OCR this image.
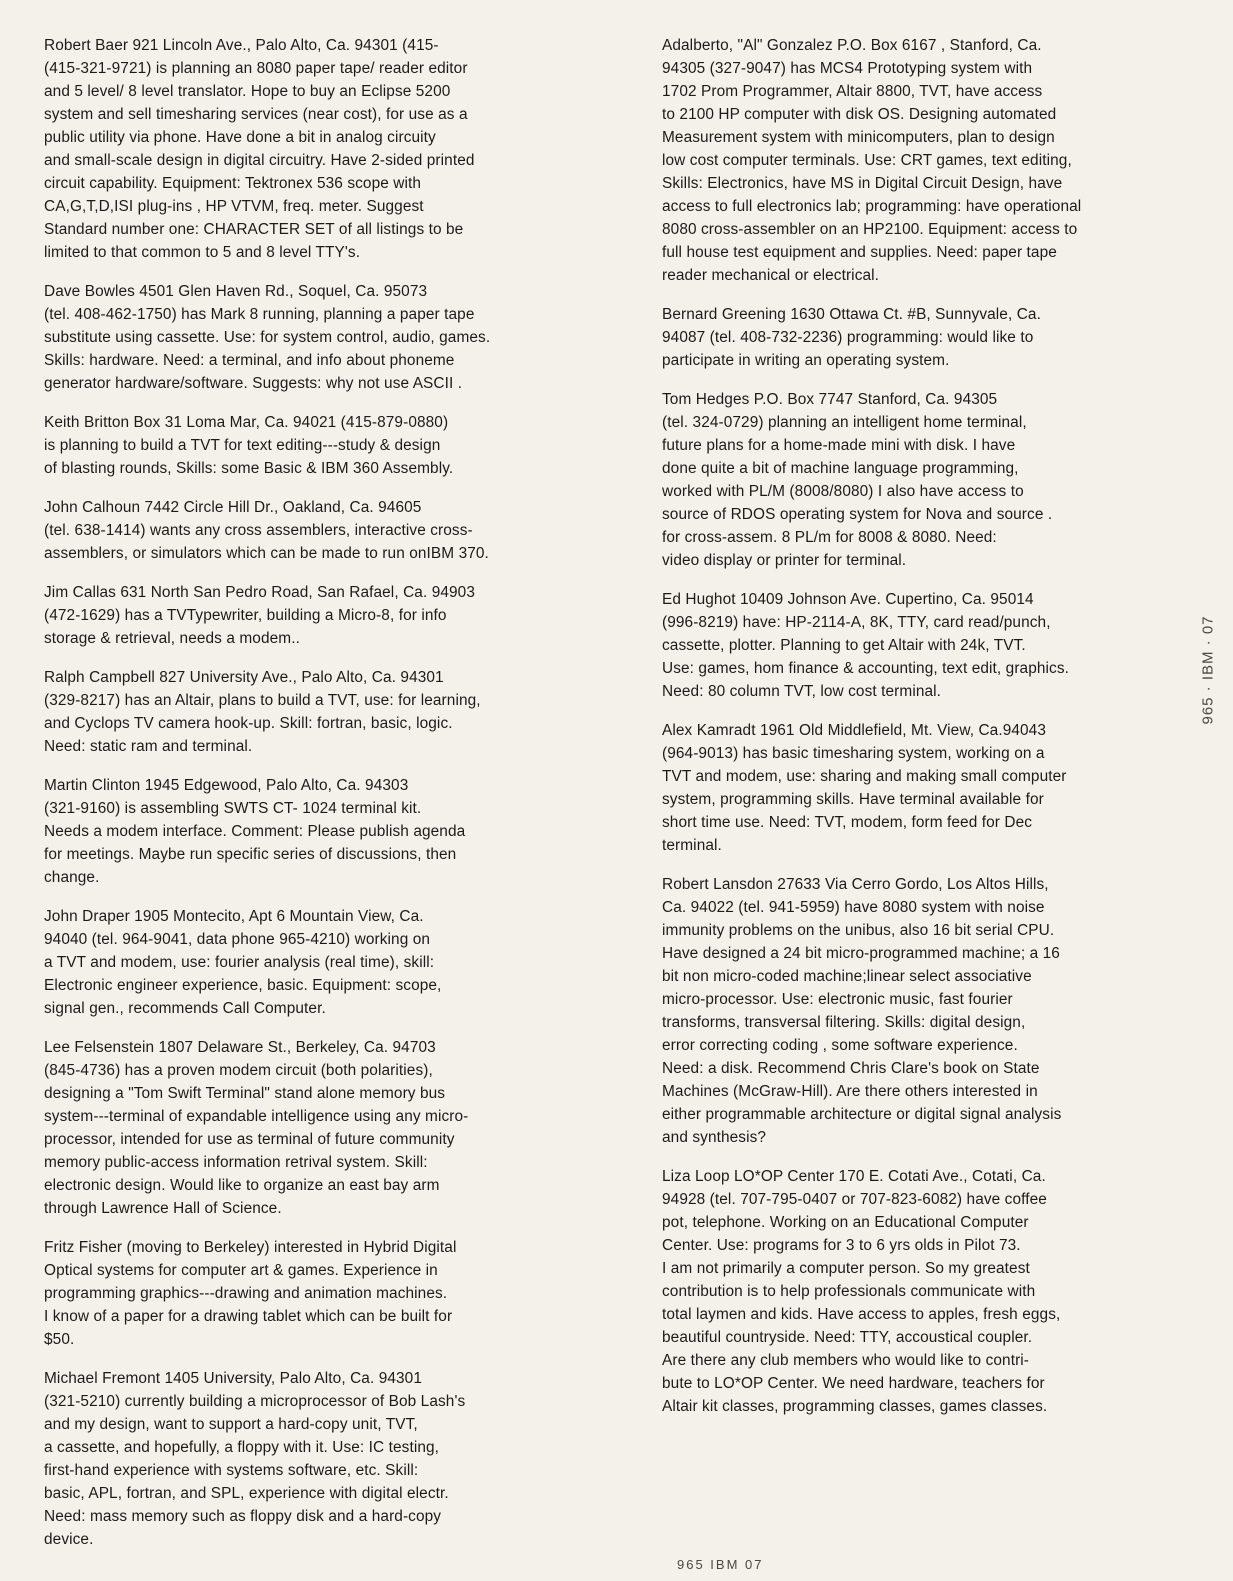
Robert Baer 921 Lincoln Ave., Palo Alto, Ca. 94301 (415-
(415-321-9721) is planning an 8080 paper tape/ reader editor
and 5 level/ 8 level translator. Hope to buy an Eclipse 5200
system and sell timesharing services (near cost), for use as a
public utility via phone. Have done a bit in analog circuity
and small-scale design in digital circuitry. Have 2-sided printed
circuit capability. Equipment: Tektronex 536 scope with
CA,G,T,D,ISI plug-ins , HP VTVM, freq. meter. Suggest
Standard number one: CHARACTER SET of all listings to be
limited to that common to 5 and 8 level TTY's.

Dave Bowles 4501 Glen Haven Rd., Soquel, Ca. 95073
(tel. 408-462-1750) has Mark 8 running, planning a paper tape
substitute using cassette. Use: for system control, audio, games.
Skills: hardware. Need: a terminal, and info about phoneme
generator hardware/software. Suggests: why not use ASCII .

Keith Britton Box 31 Loma Mar, Ca. 94021 (415-879-0880)
is planning to build a TVT for text editing---study & design
of blasting rounds, Skills: some Basic & IBM 360 Assembly.

John Calhoun 7442 Circle Hill Dr., Oakland, Ca. 94605
(tel. 638-1414) wants any cross assemblers, interactive cross-
assemblers, or simulators which can be made to run onIBM 370.

Jim Callas 631 North San Pedro Road, San Rafael, Ca. 94903
(472-1629) has a TVTypewriter, building a Micro-8, for info
storage & retrieval, needs a modem..

Ralph Campbell 827 University Ave., Palo Alto, Ca. 94301
(329-8217) has an Altair, plans to build a TVT, use: for learning,
and Cyclops TV camera hook-up. Skill: fortran, basic, logic.
Need: static ram and terminal.

Martin Clinton 1945 Edgewood, Palo Alto, Ca. 94303
(321-9160) is assembling SWTS CT- 1024 terminal kit.
Needs a modem interface. Comment: Please publish agenda
for meetings. Maybe run specific series of discussions, then
change.

John Draper 1905 Montecito, Apt 6 Mountain View, Ca.
94040 (tel. 964-9041, data phone 965-4210) working on
a TVT and modem, use: fourier analysis (real time), skill:
Electronic engineer experience, basic. Equipment: scope,
signal gen., recommends Call Computer.

Lee Felsenstein 1807 Delaware St., Berkeley, Ca. 94703
(845-4736) has a proven modem circuit (both polarities),
designing a "Tom Swift Terminal" stand alone memory bus
system---terminal of expandable intelligence using any micro-
processor, intended for use as terminal of future community
memory public-access information retrival system. Skill:
electronic design. Would like to organize an east bay arm
through Lawrence Hall of Science.

Fritz Fisher (moving to Berkeley) interested in Hybrid Digital
Optical systems for computer art & games. Experience in
programming graphics---drawing and animation machines.
I know of a paper for a drawing tablet which can be built for
$50.

Michael Fremont 1405 University, Palo Alto, Ca. 94301
(321-5210) currently building a microprocessor of Bob Lash's
and my design, want to support a hard-copy unit, TVT,
a cassette, and hopefully, a floppy with it. Use: IC testing,
first-hand experience with systems software, etc. Skill:
basic, APL, fortran, and SPL, experience with digital electr.
Need: mass memory such as floppy disk and a hard-copy
device.

Adalberto, "Al" Gonzalez P.O. Box 6167 , Stanford, Ca.
94305 (327-9047) has MCS4 Prototyping system with
1702 Prom Programmer, Altair 8800, TVT, have access
to 2100 HP computer with disk OS. Designing automated
Measurement system with minicomputers, plan to design
low cost computer terminals. Use: CRT games, text editing,
Skills: Electronics, have MS in Digital Circuit Design, have
access to full electronics lab; programming: have operational
8080 cross-assembler on an HP2100. Equipment: access to
full house test equipment and supplies. Need: paper tape
reader mechanical or electrical.

Bernard Greening 1630 Ottawa Ct. #B, Sunnyvale, Ca.
94087 (tel. 408-732-2236) programming: would like to
participate in writing an operating system.

Tom Hedges P.O. Box 7747 Stanford, Ca. 94305
(tel. 324-0729) planning an intelligent home terminal,
future plans for a home-made mini with disk. I have
done quite a bit of machine language programming,
worked with PL/M (8008/8080) I also have access to
source of RDOS operating system for Nova and source .
for cross-assem. 8 PL/m for 8008 & 8080. Need:
video display or printer for terminal.

Ed Hughot 10409 Johnson Ave. Cupertino, Ca. 95014
(996-8219) have: HP-2114-A, 8K, TTY, card read/punch,
cassette, plotter. Planning to get Altair with 24k, TVT.
Use: games, hom finance & accounting, text edit, graphics.
Need: 80 column TVT, low cost terminal.

Alex Kamradt 1961 Old Middlefield, Mt. View, Ca.94043
(964-9013) has basic timesharing system, working on a
TVT and modem, use: sharing and making small computer
system, programming skills. Have terminal available for
short time use. Need: TVT, modem, form feed for Dec
terminal.

Robert Lansdon 27633 Via Cerro Gordo, Los Altos Hills,
Ca. 94022 (tel. 941-5959) have 8080 system with noise
immunity problems on the unibus, also 16 bit serial CPU.
Have designed a 24 bit micro-programmed machine; a 16
bit non micro-coded machine;linear select associative
micro-processor. Use: electronic music, fast fourier
transforms, transversal filtering. Skills: digital design,
error correcting coding , some software experience.
Need: a disk. Recommend Chris Clare's book on State
Machines (McGraw-Hill). Are there others interested in
either programmable architecture or digital signal analysis
and synthesis?

Liza Loop LO*OP Center 170 E. Cotati Ave., Cotati, Ca.
94928 (tel. 707-795-0407 or 707-823-6082) have coffee
pot, telephone. Working on an Educational Computer
Center. Use: programs for 3 to 6 yrs olds in Pilot 73.
I am not primarily a computer person. So my greatest
contribution is to help professionals communicate with
total laymen and kids. Have access to apples, fresh eggs,
beautiful countryside. Need: TTY, accoustical coupler.
Are there any club members who would like to contri-
bute to LO*OP Center. We need hardware, teachers for
Altair kit classes, programming classes, games classes.

965 · IBM · 07
965 IBM 07
